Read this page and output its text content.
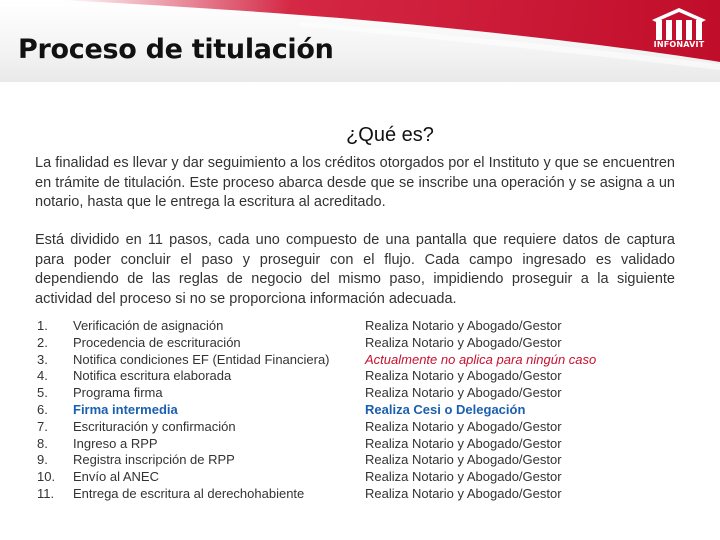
Proceso de titulación	INFONAVIT
¿Qué es?
La finalidad es llevar y dar seguimiento a los créditos otorgados por el Instituto y que se encuentren en trámite de titulación. Este proceso abarca desde que se inscribe una operación y se asigna a un notario, hasta que le entrega la escritura al acreditado.
Está dividido en 11 pasos, cada uno compuesto de una pantalla que requiere datos de captura para poder concluir el paso y proseguir con el flujo. Cada campo ingresado es validado dependiendo de las reglas de negocio del mismo paso, impidiendo proseguir a la siguiente actividad del proceso si no se proporciona información adecuada.
1.	Verificación de asignación	Realiza Notario y Abogado/Gestor
2.	Procedencia de escrituración	Realiza Notario y Abogado/Gestor
3.	Notifica condiciones EF (Entidad Financiera)	Actualmente no aplica para ningún caso
4.	Notifica escritura elaborada	Realiza Notario y Abogado/Gestor
5.	Programa firma	Realiza Notario y Abogado/Gestor
6.	Firma intermedia	Realiza Cesi o Delegación
7.	Escrituración y confirmación	Realiza Notario y Abogado/Gestor
8.	Ingreso a RPP	Realiza Notario y Abogado/Gestor
9.	Registra inscripción de RPP	Realiza Notario y Abogado/Gestor
10.	Envío al ANEC	Realiza Notario y Abogado/Gestor
11.	Entrega de escritura al derechohabiente	Realiza Notario y Abogado/Gestor
